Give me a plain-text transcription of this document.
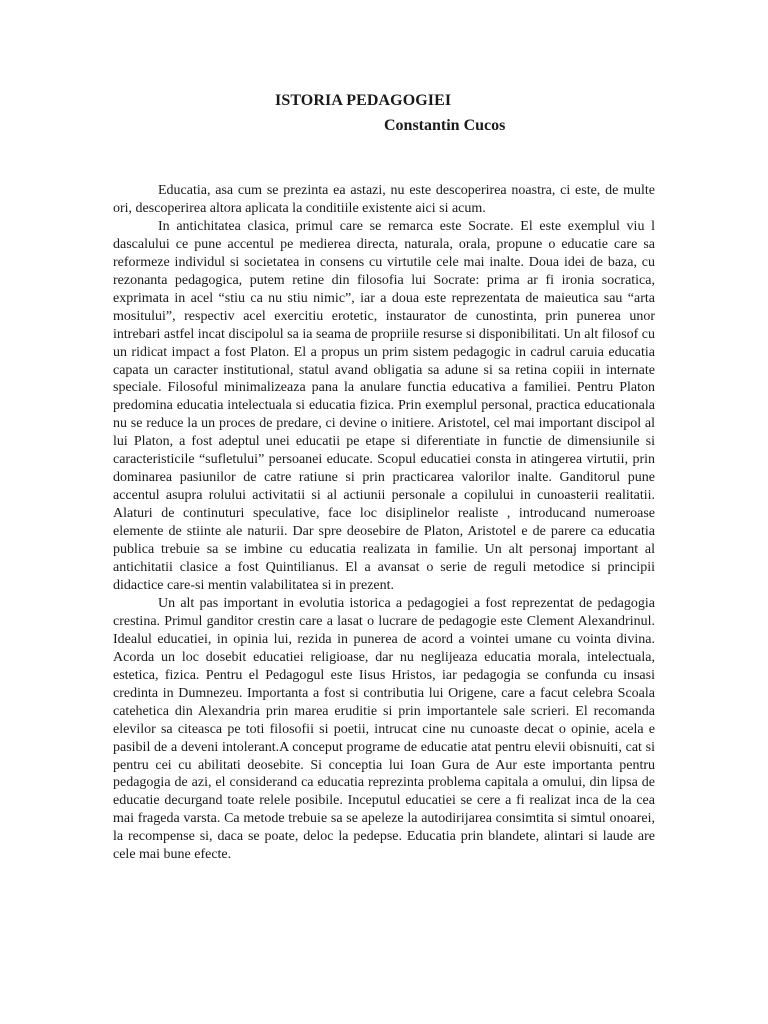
ISTORIA PEDAGOGIEI
Constantin Cucos

Educatia, asa cum se prezinta ea astazi, nu este descoperirea noastra, ci este, de multe ori, descoperirea altora aplicata la conditiile existente aici si acum.

In antichitatea clasica, primul care se remarca este Socrate. El este exemplul viu l dascalului ce pune accentul pe medierea directa, naturala, orala, propune o educatie care sa reformeze individul si societatea in consens cu virtutile cele mai inalte. Doua idei de baza, cu rezonanta pedagogica, putem retine din filosofia lui Socrate: prima ar fi ironia socratica, exprimata in acel “stiu ca nu stiu nimic”, iar a doua este reprezentata de maieutica sau “arta mositului”, respectiv acel exercitiu erotetic, instaurator de cunostinta, prin punerea unor intrebari astfel incat discipolul sa ia seama de propriile resurse si disponibilitati. Un alt filosof cu un ridicat impact a fost Platon. El a propus un prim sistem pedagogic in cadrul caruia educatia capata un caracter institutional, statul avand obligatia sa adune si sa retina copiii in internate speciale. Filosoful minimalizeaza pana la anulare functia educativa a familiei. Pentru Platon predomina educatia intelectuala si educatia fizica. Prin exemplul personal, practica educationala nu se reduce la un proces de predare, ci devine o initiere. Aristotel, cel mai important discipol al lui Platon, a fost adeptul unei educatii pe etape si diferentiate in functie de dimensiunile si caracteristicile “sufletului” persoanei educate. Scopul educatiei consta in atingerea virtutii, prin dominarea pasiunilor de catre ratiune si prin practicarea valorilor inalte. Ganditorul pune accentul asupra rolului activitatii si al actiunii personale a copilului in cunoasterii realitatii. Alaturi de continuturi speculative, face loc disiplinelor realiste , introducand numeroase elemente de stiinte ale naturii. Dar spre deosebire de Platon, Aristotel e de parere ca educatia publica trebuie sa se imbine cu educatia realizata in familie. Un alt personaj important al antichitatii clasice a fost Quintilianus. El a avansat o serie de reguli metodice si principii didactice care-si mentin valabilitatea si in prezent.

Un alt pas important in evolutia istorica a pedagogiei a fost reprezentat de pedagogia crestina. Primul ganditor crestin care a lasat o lucrare de pedagogie este Clement Alexandrinul. Idealul educatiei, in opinia lui, rezida in punerea de acord a vointei umane cu vointa divina. Acorda un loc dosebit educatiei religioase, dar nu neglijeaza educatia morala, intelectuala, estetica, fizica. Pentru el Pedagogul este Iisus Hristos, iar pedagogia se confunda cu insasi credinta in Dumnezeu. Importanta a fost si contributia lui Origene, care a facut celebra Scoala catehetica din Alexandria prin marea eruditie si prin importantele sale scrieri. El recomanda elevilor sa citeasca pe toti filosofii si poetii, intrucat cine nu cunoaste decat o opinie, acela e pasibil de a deveni intolerant.A conceput programe de educatie atat pentru elevii obisnuiti, cat si pentru cei cu abilitati deosebite. Si conceptia lui Ioan Gura de Aur este importanta pentru pedagogia de azi, el considerand ca educatia reprezinta problema capitala a omului, din lipsa de educatie decurgand toate relele posibile. Inceputul educatiei se cere a fi realizat inca de la cea mai frageda varsta. Ca metode trebuie sa se apeleze la autodirijarea consimtita si simtul onoarei, la recompense si, daca se poate, deloc la pedepse. Educatia prin blandete, alintari si laude are cele mai bune efecte.
